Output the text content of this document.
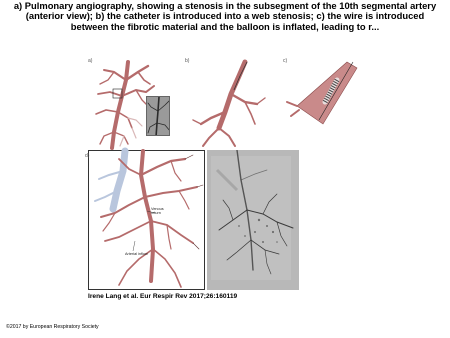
a) Pulmonary angiography, showing a stenosis in the subsegment of the 10th segmental artery
(anterior view); b) the catheter is introduced into a web stenosis; c) the wire is introduced
between the fibrotic material and the balloon is inflated, leading to r...
a)	b)	c)
d)
Venous return
Arterial inflow
Irene Lang et al. Eur Respir Rev 2017;26:160119
©2017 by European Respiratory Society
